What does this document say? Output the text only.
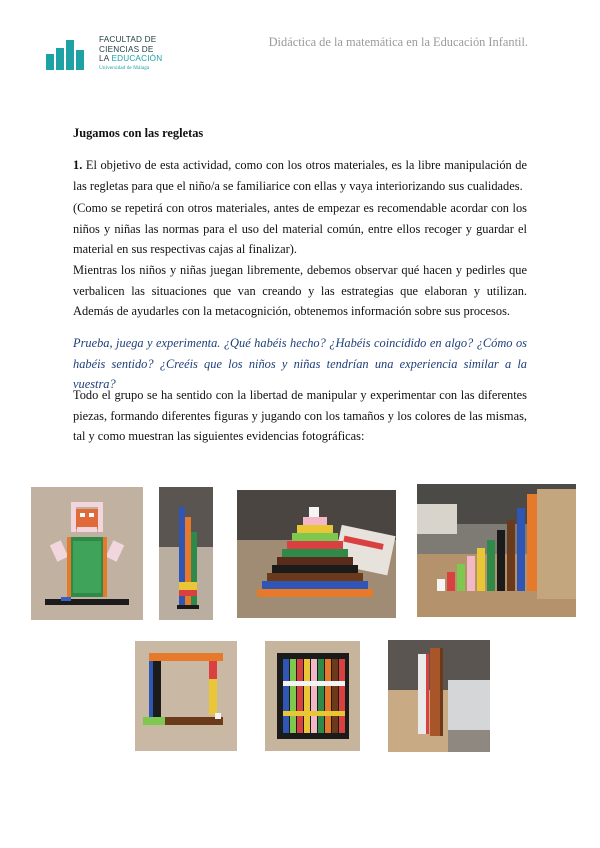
FACULTAD DE
CIENCIAS DE
LA EDUCACIÓN
Universidad de Málaga
Didáctica de la matemática en la Educación Infantil.
Jugamos con las regletas
1. El objetivo de esta actividad, como con los otros materiales, es la libre manipulación de las regletas para que el niño/a se familiarice con ellas y vaya interiorizando sus cualidades.
(Como se repetirá con otros materiales, antes de empezar es recomendable acordar con los niños y niñas las normas para el uso del material común, entre ellos recoger y guardar el material en sus respectivas cajas al finalizar).
Mientras los niños y niñas juegan libremente, debemos observar qué hacen y pedirles que verbalicen las situaciones que van creando y las estrategias que elaboran y utilizan. Además de ayudarles con la metacognición, obtenemos información sobre sus procesos.
Prueba, juega y experimenta. ¿Qué habéis hecho? ¿Habéis coincidido en algo? ¿Cómo os habéis sentido? ¿Creéis que los niños y niñas tendrían una experiencia similar a la vuestra?
Todo el grupo se ha sentido con la libertad de manipular y experimentar con las diferentes piezas, formando diferentes figuras y jugando con los tamaños y los colores de las mismas, tal y como muestran las siguientes evidencias fotográficas:
